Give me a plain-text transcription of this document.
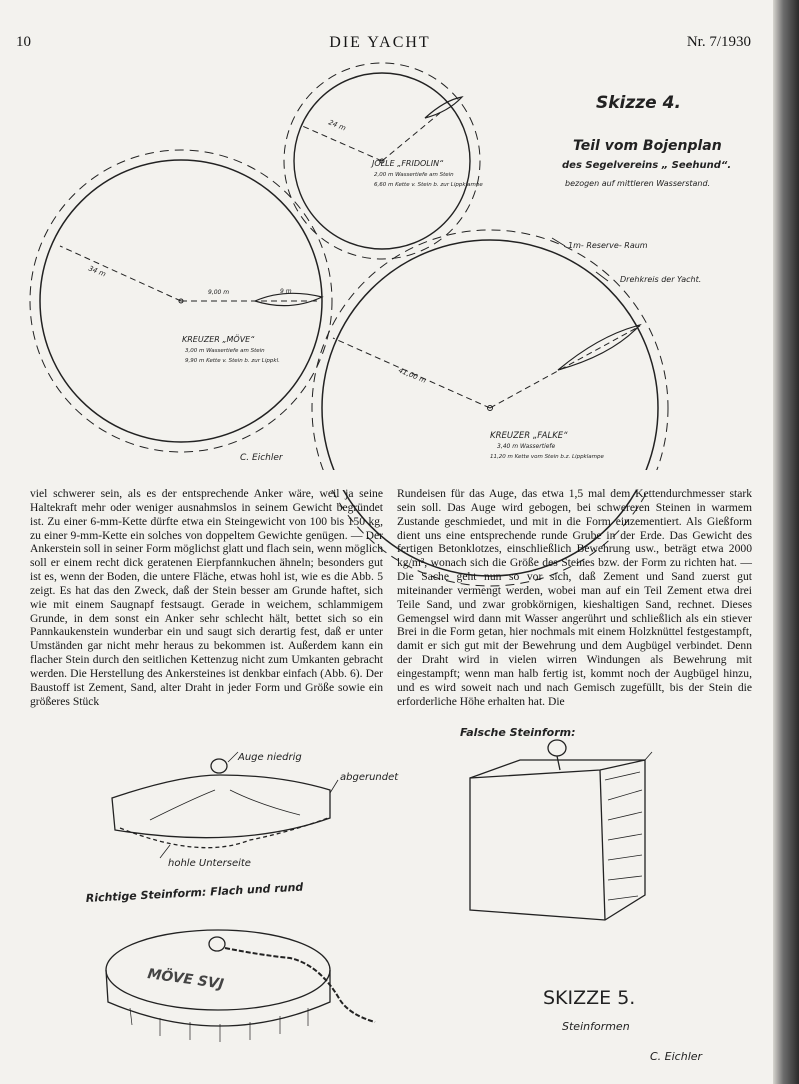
10	DIE YACHT	Nr. 7/1930
Skizze 4.
Teil vom Bojenplan
des Segelvereins „ Seehund“.
bezogen auf mittleren Wasserstand.
1m- Reserve- Raum
Drehkreis der Yacht.
24 m
JOLLE „FRIDOLIN“
2,00 m Wassertiefe am Stein
6,60 m Kette v. Stein b. zur Lippklampe
34 m
9,00 m	9 m
KREUZER „MÖVE“
3,00 m Wassertiefe am Stein
9,90 m Kette v. Stein b. zur Lippkl.
41,00 m
KREUZER „FALKE“
3,40 m Wassertiefe
11,20 m Kette vom Stein b.z. Lippklampe
C. Eichler
Auge niedrig
abgerundet
hohle Unterseite
Richtige Steinform: Flach und rund
MÖVE SVJ
Falsche Steinform:
SKIZZE 5.
Steinformen
C. Eichler

viel schwerer sein, als es der entsprechende Anker wäre, weil ja seine Haltekraft mehr oder weniger ausnahmslos in seinem Gewicht begründet ist. Zu einer 6-mm-Kette dürfte etwa ein Steingewicht von 100 bis 150 kg, zu einer 9-mm-Kette ein solches von doppeltem Gewichte genügen. — Der Ankerstein soll in seiner Form möglichst glatt und flach sein, wenn möglich soll er einem recht dick geratenen Eierpfannkuchen ähneln; besonders gut ist es, wenn der Boden, die untere Fläche, etwas hohl ist, wie es die Abb. 5 zeigt. Es hat das den Zweck, daß der Stein besser am Grunde haftet, sich wie mit einem Saugnapf festsaugt. Gerade in weichem, schlammigem Grunde, in dem sonst ein Anker sehr schlecht hält, bettet sich so ein Pannkaukenstein wunderbar ein und saugt sich derartig fest, daß er unter Umständen gar nicht mehr heraus zu bekommen ist. Außerdem kann ein flacher Stein durch den seitlichen Kettenzug nicht zum Umkanten gebracht werden. Die Herstellung des Ankersteines ist denkbar einfach (Abb. 6). Der Baustoff ist Zement, Sand, alter Draht in jeder Form und Größe sowie ein größeres Stück

Rundeisen für das Auge, das etwa 1,5 mal dem Kettendurchmesser stark sein soll. Das Auge wird gebogen, bei schwereren Steinen in warmem Zustande geschmiedet, und mit in die Form einzementiert. Als Gießform dient uns eine entsprechende runde Grube in der Erde. Das Gewicht des fertigen Betonklotzes, einschließlich Bewehrung usw., beträgt etwa 2000 kg/m³, wonach sich die Größe des Steines bzw. der Form zu richten hat. — Die Sache geht nun so vor sich, daß Zement und Sand zuerst gut miteinander vermengt werden, wobei man auf ein Teil Zement etwa drei Teile Sand, und zwar grobkörnigen, kieshaltigen Sand, rechnet. Dieses Gemengsel wird dann mit Wasser angerührt und schließlich als ein stiever Brei in die Form getan, hier nochmals mit einem Holzknüttel festgestampft, damit er sich gut mit der Bewehrung und dem Augbügel verbindet. Denn der Draht wird in vielen wirren Windungen als Bewehrung mit eingestampft; wenn man halb fertig ist, kommt noch der Augbügel hinzu, und es wird soweit nach und nach Gemisch zugefüllt, bis der Stein die erforderliche Höhe erhalten hat. Die
